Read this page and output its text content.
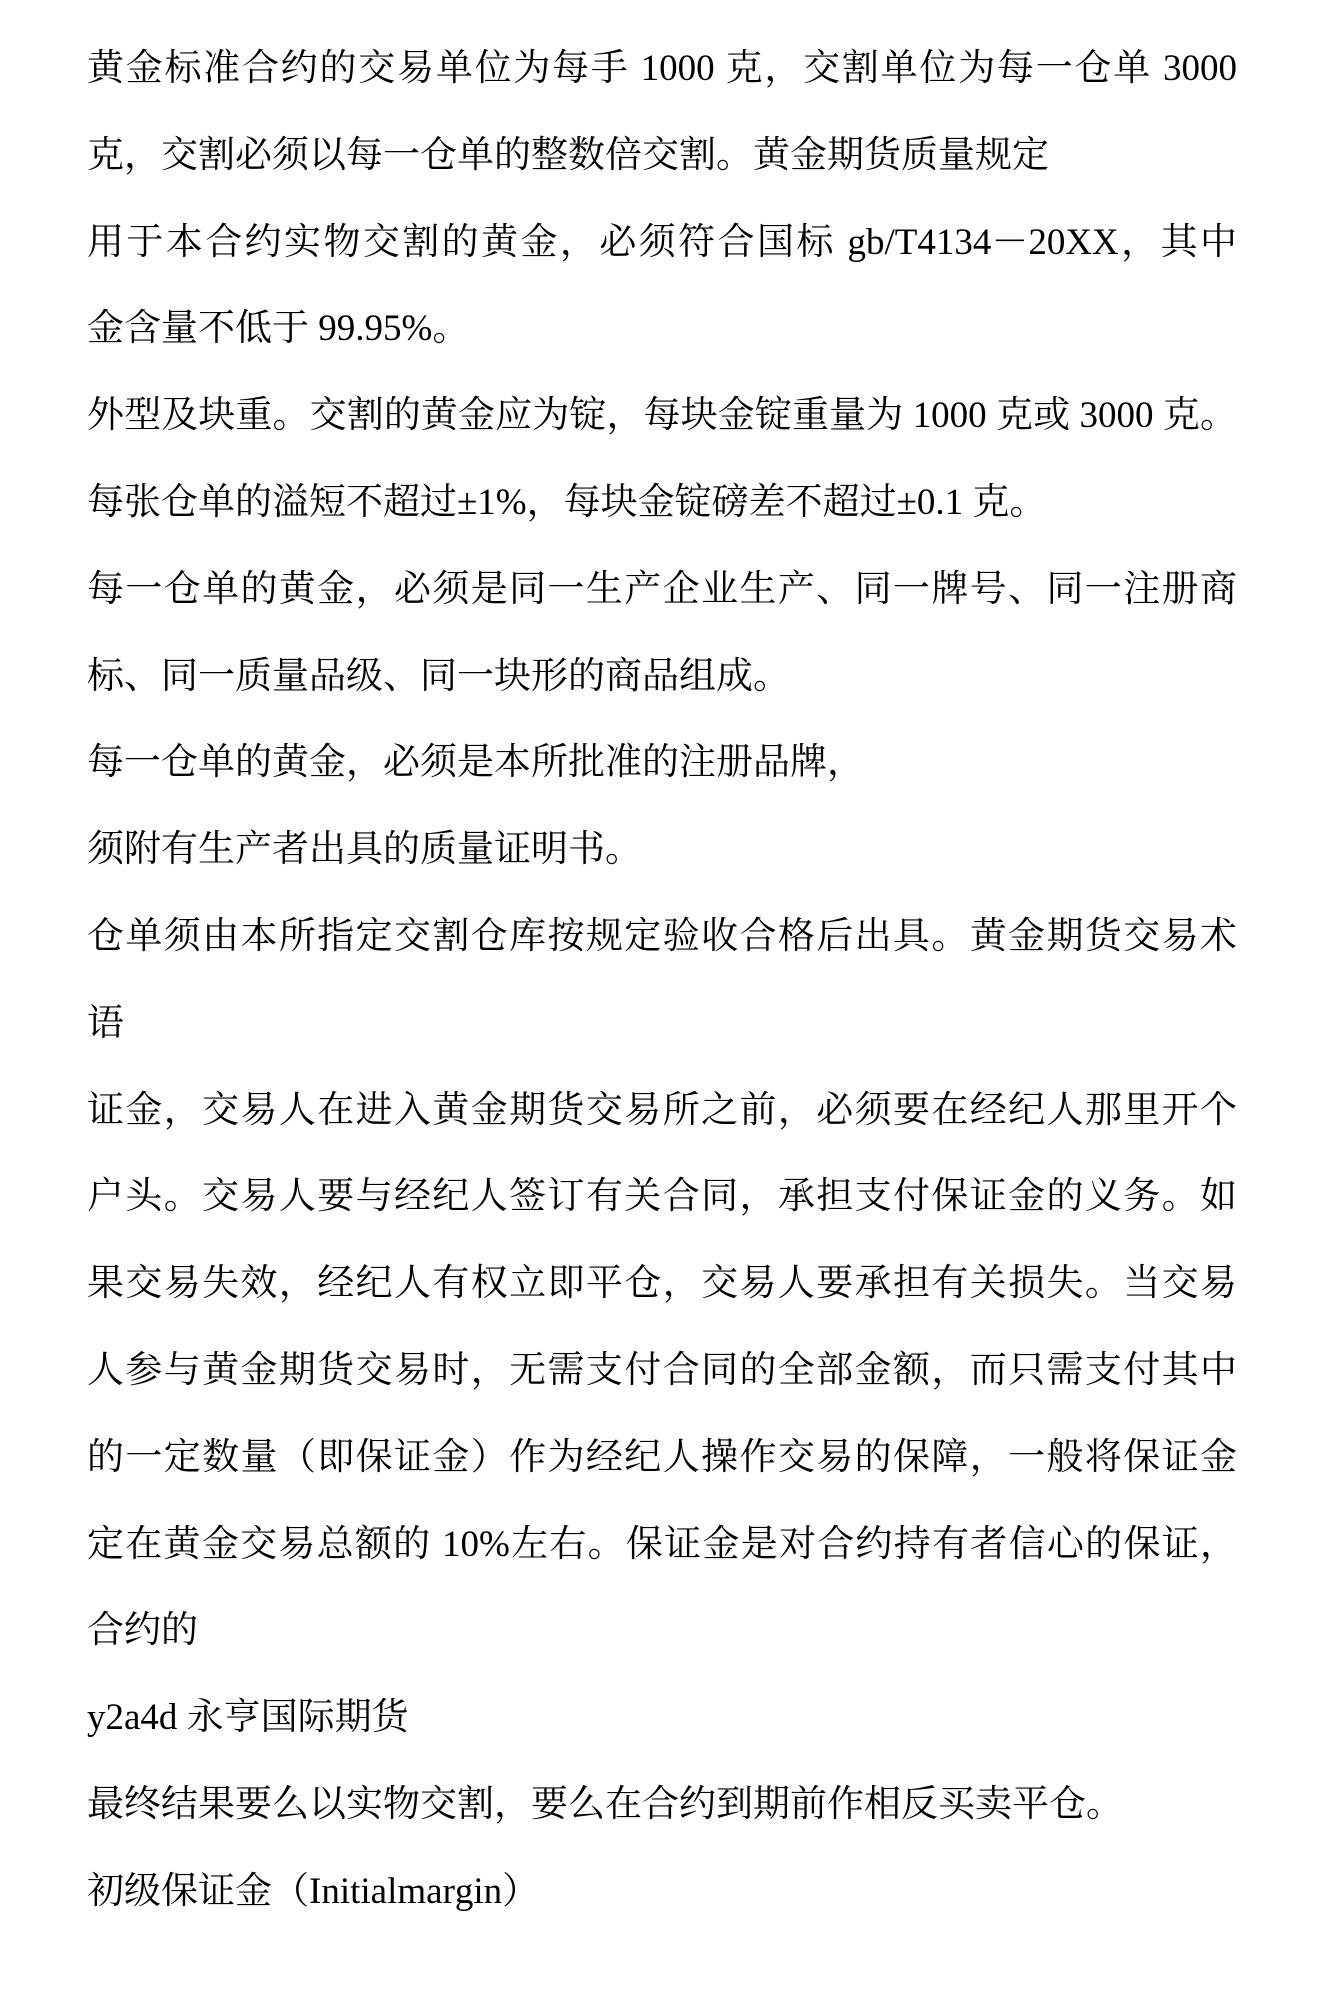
黄金标准合约的交易单位为每手 1000 克，交割单位为每一仓单 3000
克，交割必须以每一仓单的整数倍交割。黄金期货质量规定
用于本合约实物交割的黄金，必须符合国标 gb/T4134－20XX，其中
金含量不低于 99.95%。
外型及块重。交割的黄金应为锭，每块金锭重量为 1000 克或 3000 克。
每张仓单的溢短不超过±1%，每块金锭磅差不超过±0.1 克。
每一仓单的黄金，必须是同一生产企业生产、同一牌号、同一注册商
标、同一质量品级、同一块形的商品组成。
每一仓单的黄金，必须是本所批准的注册品牌，
须附有生产者出具的质量证明书。
仓单须由本所指定交割仓库按规定验收合格后出具。黄金期货交易术
语
证金，交易人在进入黄金期货交易所之前，必须要在经纪人那里开个
户头。交易人要与经纪人签订有关合同，承担支付保证金的义务。如
果交易失效，经纪人有权立即平仓，交易人要承担有关损失。当交易
人参与黄金期货交易时，无需支付合同的全部金额，而只需支付其中
的一定数量（即保证金）作为经纪人操作交易的保障，一般将保证金
定在黄金交易总额的 10%左右。保证金是对合约持有者信心的保证，
合约的
y2a4d 永亨国际期货
最终结果要么以实物交割，要么在合约到期前作相反买卖平仓。
初级保证金（Initialmargin）
